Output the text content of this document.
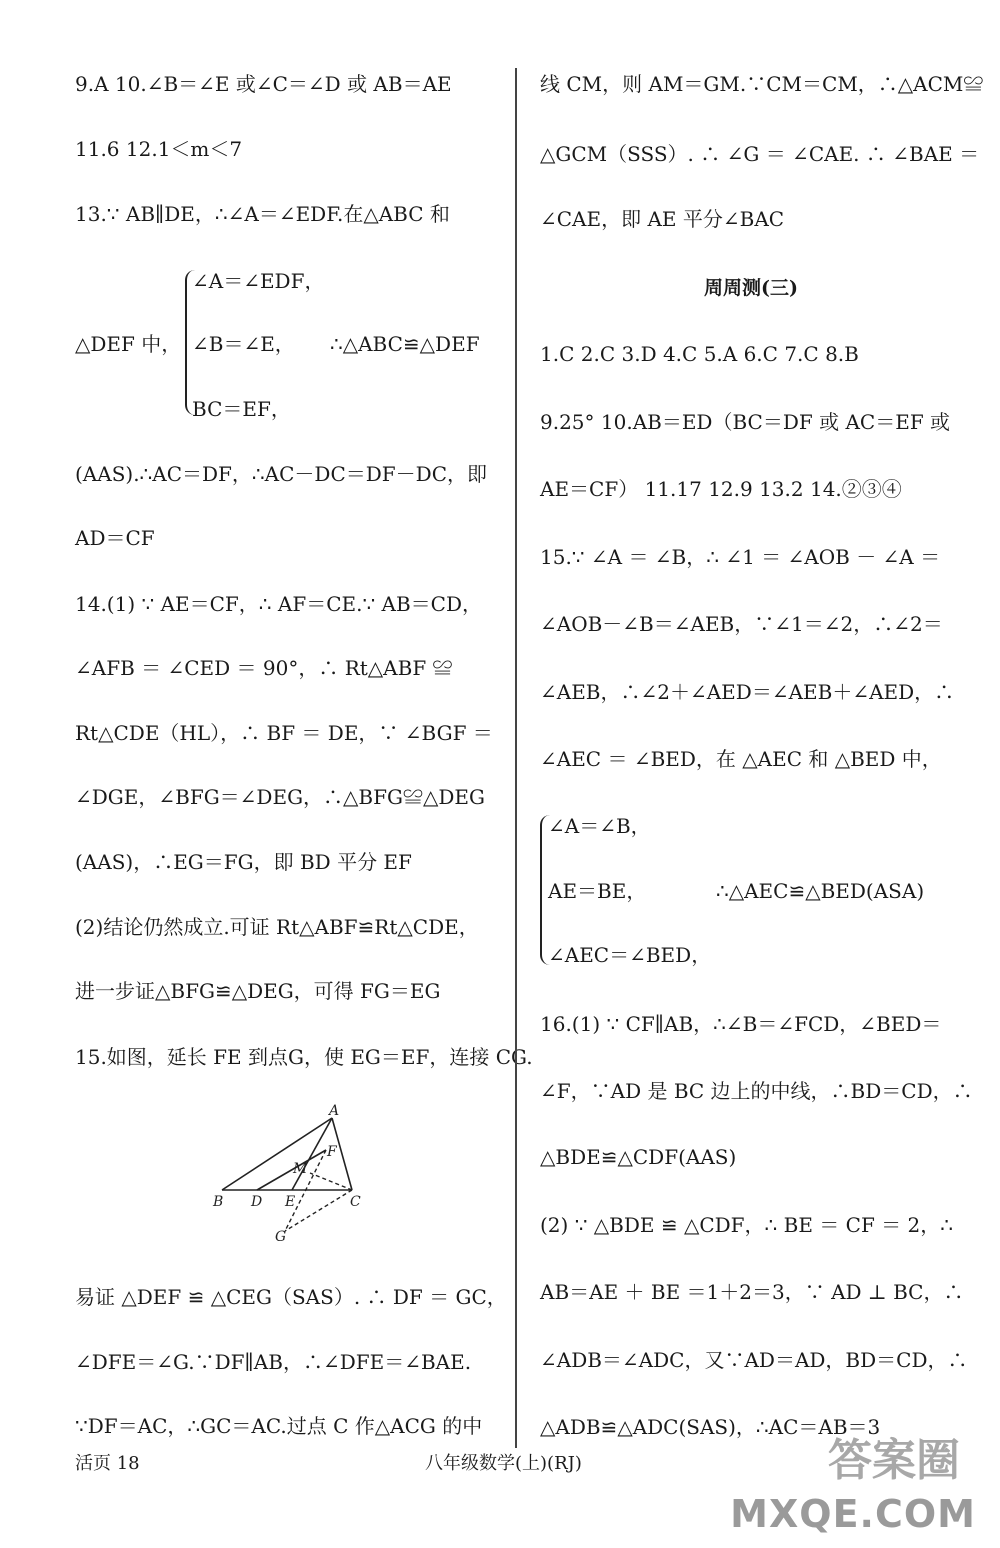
9.A 10.∠B＝∠E 或∠C＝∠D 或 AB＝AE
11.6 12.1＜m＜7
13.∵ AB∥DE，∴∠A＝∠EDF.在△ABC 和
△DEF 中，
∠A＝∠EDF，
∠B＝∠E， ∴△ABC≌△DEF
BC＝EF，
(AAS).∴AC＝DF，∴AC－DC＝DF－DC，即
AD＝CF
14.(1) ∵ AE＝CF，∴ AF＝CE.∵ AB＝CD，
∠AFB ＝ ∠CED ＝ 90°，∴ Rt△ABF ≌
Rt△CDE（HL），∴ BF ＝ DE，∵ ∠BGF ＝
∠DGE，∠BFG＝∠DEG，∴△BFG≌△DEG
(AAS)，∴EG＝FG，即 BD 平分 EF
(2)结论仍然成立.可证 Rt△ABF≌Rt△CDE，
进一步证△BFG≌△DEG，可得 FG＝EG
15.如图，延长 FE 到点G，使 EG＝EF，连接 CG.
A
B	C
D E
F
G
M
易证 △DEF ≌ △CEG（SAS）. ∴ DF ＝ GC，
∠DFE＝∠G.∵DF∥AB，∴∠DFE＝∠BAE.
∵DF＝AC，∴GC＝AC.过点 C 作△ACG 的中
活页 18
线 CM，则 AM＝GM.∵CM＝CM，∴△ACM≌
△GCM（SSS）. ∴ ∠G ＝ ∠CAE. ∴ ∠BAE ＝
∠CAE，即 AE 平分∠BAC
周周测(三)
1.C 2.C 3.D 4.C 5.A 6.C 7.C 8.B
9.25° 10.AB＝ED（BC＝DF 或 AC＝EF 或
AE＝CF） 11.17 12.9 13.2 14.②③④
15.∵ ∠A ＝ ∠B，∴ ∠1 ＝ ∠AOB － ∠A ＝
∠AOB－∠B＝∠AEB，∵∠1＝∠2，∴∠2＝
∠AEB，∴∠2＋∠AED＝∠AEB＋∠AED，∴
∠AEC ＝ ∠BED，在 △AEC 和 △BED 中，
∠A＝∠B，
AE＝BE，	∴△AEC≌△BED(ASA)
∠AEC＝∠BED，
16.(1) ∵ CF∥AB，∴∠B＝∠FCD，∠BED＝
∠F，∵AD 是 BC 边上的中线，∴BD＝CD，∴
△BDE≌△CDF(AAS)
(2) ∵ △BDE ≌ △CDF，∴ BE ＝ CF ＝ 2，∴
AB＝AE ＋ BE ＝1＋2＝3，∵ AD ⊥ BC，∴
∠ADB＝∠ADC，又∵AD＝AD，BD＝CD，∴
△ADB≌△ADC(SAS)，∴AC＝AB＝3
八年级数学(上)(RJ)	答案圈
MXQE.COM
